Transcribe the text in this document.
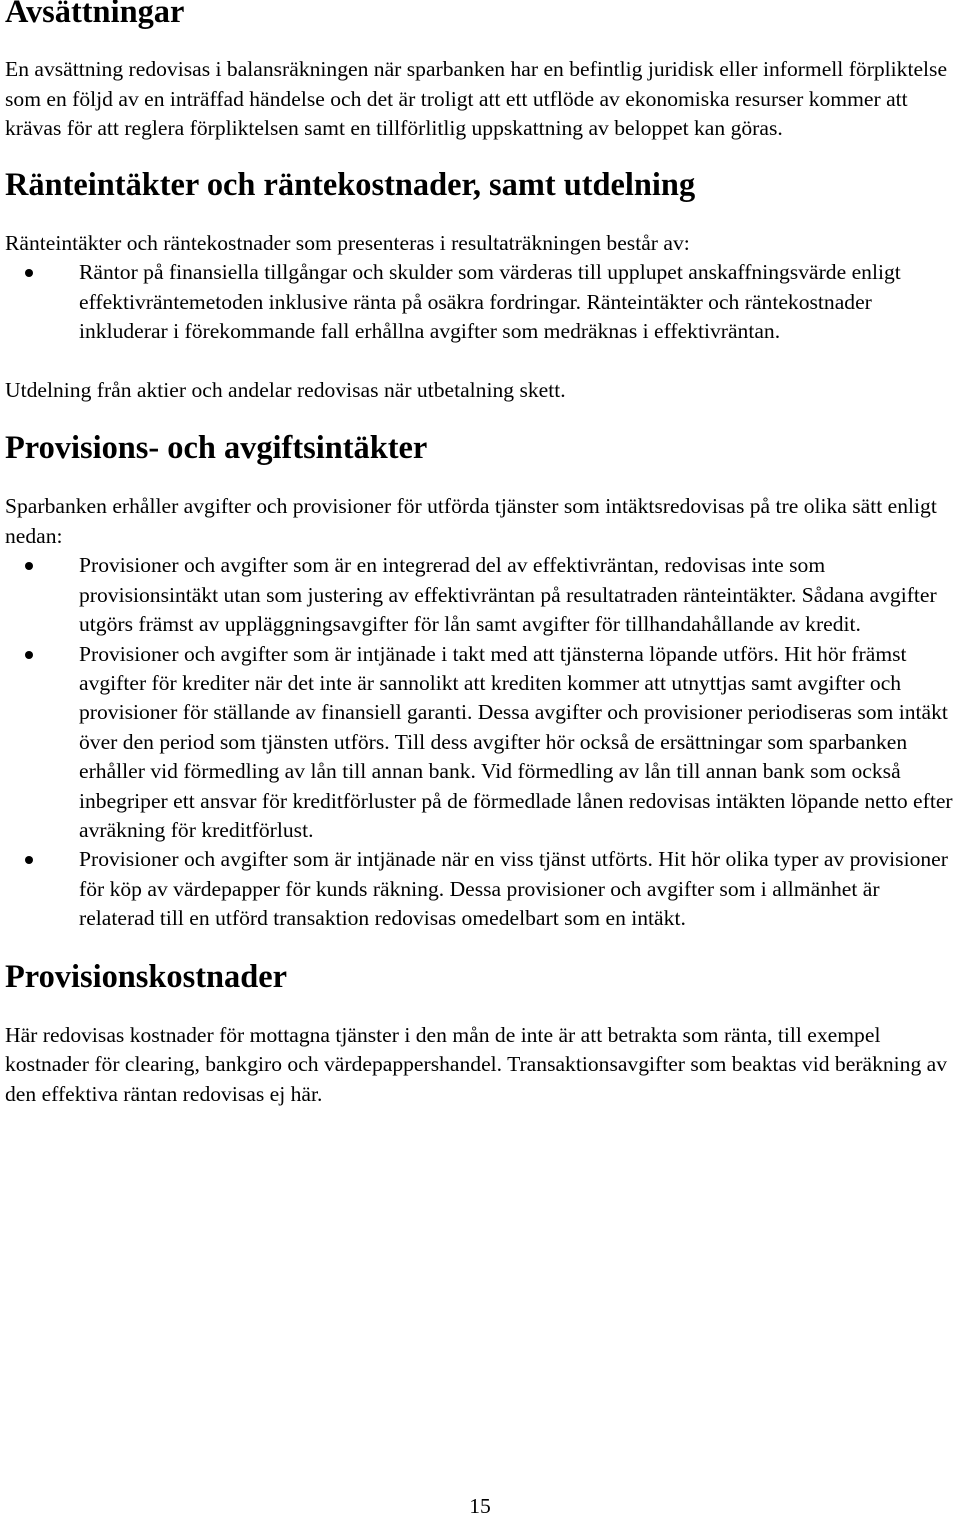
Avsättningar

En avsättning redovisas i balansräkningen när sparbanken har en befintlig juridisk eller informell förpliktelse som en följd av en inträffad händelse och det är troligt att ett utflöde av ekonomiska resurser kommer att krävas för att reglera förpliktelsen samt en tillförlitlig uppskattning av beloppet kan göras.

Ränteintäkter och räntekostnader, samt utdelning

Ränteintäkter och räntekostnader som presenteras i resultaträkningen består av:

Räntor på finansiella tillgångar och skulder som värderas till upplupet anskaffningsvärde enligt effektivräntemetoden inklusive ränta på osäkra fordringar. Ränteintäkter och räntekostnader inkluderar i förekommande fall erhållna avgifter som medräknas i effektivräntan.

Utdelning från aktier och andelar redovisas när utbetalning skett.

Provisions- och avgiftsintäkter

Sparbanken erhåller avgifter och provisioner för utförda tjänster som intäktsredovisas på tre olika sätt enligt nedan:

Provisioner och avgifter som är en integrerad del av effektivräntan, redovisas inte som provisionsintäkt utan som justering av effektivräntan på resultatraden ränteintäkter. Sådana avgifter utgörs främst av uppläggningsavgifter för lån samt avgifter för tillhandahållande av kredit.
Provisioner och avgifter som är intjänade i takt med att tjänsterna löpande utförs. Hit hör främst avgifter för krediter när det inte är sannolikt att krediten kommer att utnyttjas samt avgifter och provisioner för ställande av finansiell garanti. Dessa avgifter och provisioner periodiseras som intäkt över den period som tjänsten utförs. Till dess avgifter hör också de ersättningar som sparbanken erhåller vid förmedling av lån till annan bank. Vid förmedling av lån till annan bank som också inbegriper ett ansvar för kreditförluster på de förmedlade lånen redovisas intäkten löpande netto efter avräkning för kreditförlust.
Provisioner och avgifter som är intjänade när en viss tjänst utförts. Hit hör olika typer av provisioner för köp av värdepapper för kunds räkning. Dessa provisioner och avgifter som i allmänhet är relaterad till en utförd transaktion redovisas omedelbart som en intäkt.
Provisionskostnader

Här redovisas kostnader för mottagna tjänster i den mån de inte är att betrakta som ränta, till exempel kostnader för clearing, bankgiro och värdepappershandel. Transaktionsavgifter som beaktas vid beräkning av den effektiva räntan redovisas ej här.

15
